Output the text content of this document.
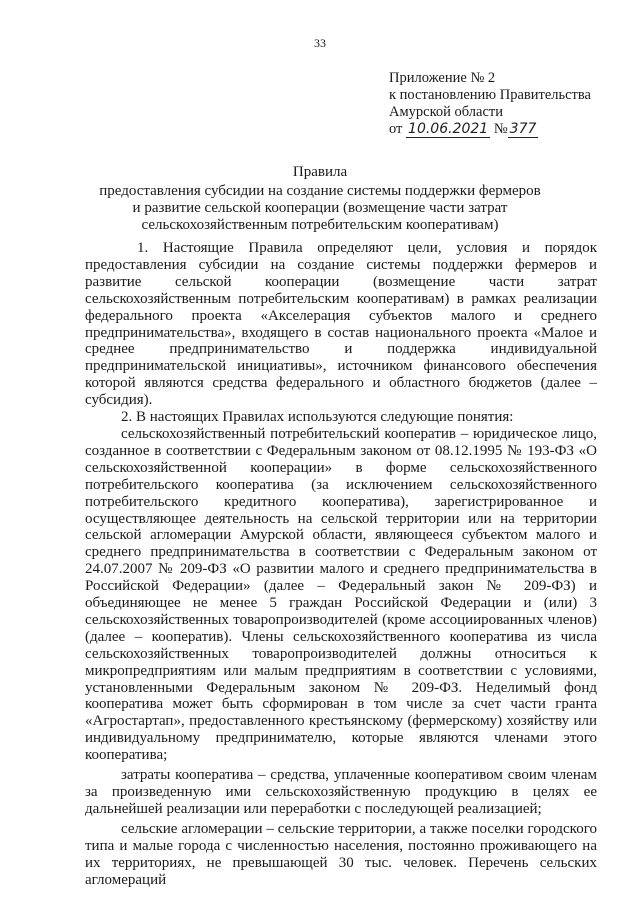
33
Приложение № 2
к постановлению Правительства
Амурской области
от 10.06.2021 № 377
Правила
предоставления субсидии на создание системы поддержки фермеров
и развитие сельской кооперации (возмещение части затрат
сельскохозяйственным потребительским кооперативам)

1. Настоящие Правила определяют цели, условия и порядок предоставления субсидии на создание системы поддержки фермеров и развитие сельской кооперации (возмещение части затрат сельскохозяйственным потребительским кооперативам) в рамках реализации федерального проекта «Акселерация субъектов малого и среднего предпринимательства», входящего в состав национального проекта «Малое и среднее предпринимательство и поддержка индивидуальной предпринимательской инициативы», источником финансового обеспечения которой являются средства федерального и областного бюджетов (далее – субсидия).

2. В настоящих Правилах используются следующие понятия:

сельскохозяйственный потребительский кооператив – юридическое лицо, созданное в соответствии с Федеральным законом от 08.12.1995 № 193-ФЗ «О сельскохозяйственной кооперации» в форме сельскохозяйственного потребительского кооператива (за исключением сельскохозяйственного потребительского кредитного кооператива), зарегистрированное и осуществляющее деятельность на сельской территории или на территории сельской агломерации Амурской области, являющееся субъектом малого и среднего предпринимательства в соответствии с Федеральным законом от 24.07.2007 № 209-ФЗ «О развитии малого и среднего предпринимательства в Российской Федерации» (далее – Федеральный закон № 209-ФЗ) и объединяющее не менее 5 граждан Российской Федерации и (или) 3 сельскохозяйственных товаропроизводителей (кроме ассоциированных членов) (далее – кооператив). Члены сельскохозяйственного кооператива из числа сельскохозяйственных товаропроизводителей должны относиться к микропредприятиям или малым предприятиям в соответствии с условиями, установленными Федеральным законом № 209-ФЗ. Неделимый фонд кооператива может быть сформирован в том числе за счет части гранта «Агростартап», предоставленного крестьянскому (фермерскому) хозяйству или индивидуальному предпринимателю, которые являются членами этого кооператива;

затраты кооператива – средства, уплаченные кооперативом своим членам за произведенную ими сельскохозяйственную продукцию в целях ее дальнейшей реализации или переработки с последующей реализацией;

сельские агломерации – сельские территории, а также поселки городского типа и малые города с численностью населения, постоянно проживающего на их территориях, не превышающей 30 тыс. человек. Перечень сельских агломераций
